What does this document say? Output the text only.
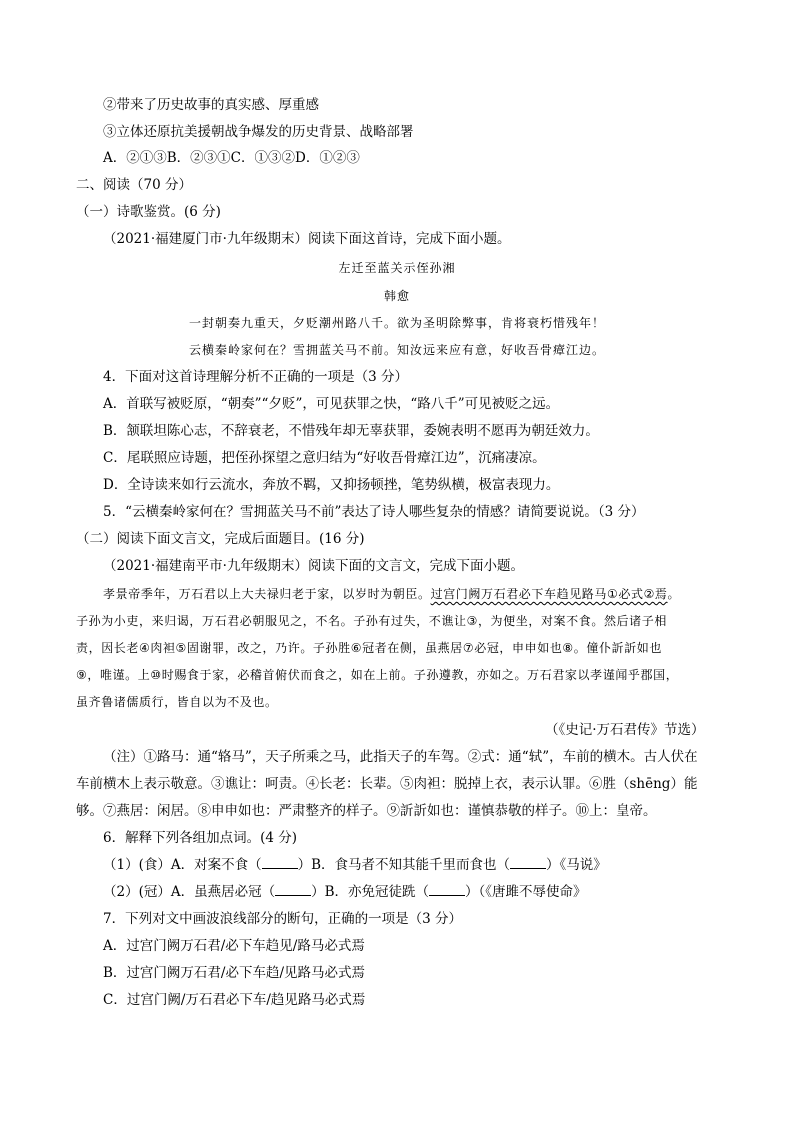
②带来了历史故事的真实感、厚重感
③立体还原抗美援朝战争爆发的历史背景、战略部署
A．②①③B．②③①C．①③②D．①②③
二、阅读（70 分）
（一）诗歌鉴赏。(6 分)
（2021·福建厦门市·九年级期末）阅读下面这首诗，完成下面小题。
左迁至蓝关示侄孙湘
韩愈
一封朝奏九重天，夕贬潮州路八千。欲为圣明除弊事，肯将衰朽惜残年！
云横秦岭家何在？雪拥蓝关马不前。知汝远来应有意，好收吾骨瘴江边。
4．下面对这首诗理解分析不正确的一项是（3 分）
A．首联写被贬原，“朝奏”“夕贬”，可见获罪之快，“路八千”可见被贬之远。
B．颔联坦陈心志，不辞衰老，不惜残年却无辜获罪，委婉表明不愿再为朝廷效力。
C．尾联照应诗题，把侄孙探望之意归结为“好收吾骨瘴江边”，沉痛凄凉。
D．全诗读来如行云流水，奔放不羁，又抑扬顿挫，笔势纵横，极富表现力。
5．“云横秦岭家何在？雪拥蓝关马不前”表达了诗人哪些复杂的情感？请简要说说。（3 分）
（二）阅读下面文言文，完成后面题目。(16 分)
（2021·福建南平市·九年级期末）阅读下面的文言文，完成下面小题。
孝景帝季年，万石君以上大夫禄归老于家，以岁时为朝臣。过宫门阙万石君必下车趋见路马①必式②焉。
子孙为小吏，来归谒，万石君必朝服见之，不名。子孙有过失，不谯让③，为便坐，对案不食。然后诸子相
责，因长老④肉袒⑤固谢罪，改之，乃许。子孙胜⑥冠者在侧，虽燕居⑦必冠，申申如也⑧。僮仆訢訢如也
⑨，唯谨。上⑩时赐食于家，必稽首俯伏而食之，如在上前。子孙遵教，亦如之。万石君家以孝谨闻乎郡国，
虽齐鲁诸儒质行，皆自以为不及也。
（《史记·万石君传》节选）
（注）①路马：通“辂马”，天子所乘之马，此指天子的车驾。②式：通“轼”，车前的横木。古人伏在
车前横木上表示敬意。③谯让：呵责。④长老：长辈。⑤肉袒：脱掉上衣，表示认罪。⑥胜（shēng）能
够。⑦燕居：闲居。⑧申申如也：严肃整齐的样子。⑨訢訢如也：谨慎恭敬的样子。⑩上：皇帝。
6．解释下列各组加点词。(4 分)
（1）(食）A．对案不食（	）B．食马者不知其能千里而食也（	）《马说》
（2）(冠）A．虽燕居必冠（	）B．亦免冠徒跣（	）（《唐雎不辱使命》
7．下列对文中画波浪线部分的断句，正确的一项是（3 分）
A．过宫门阙万石君/必下车趋见/路马必式焉
B．过宫门阙万石君/必下车趋/见路马必式焉
C．过宫门阙/万石君必下车/趋见路马必式焉
